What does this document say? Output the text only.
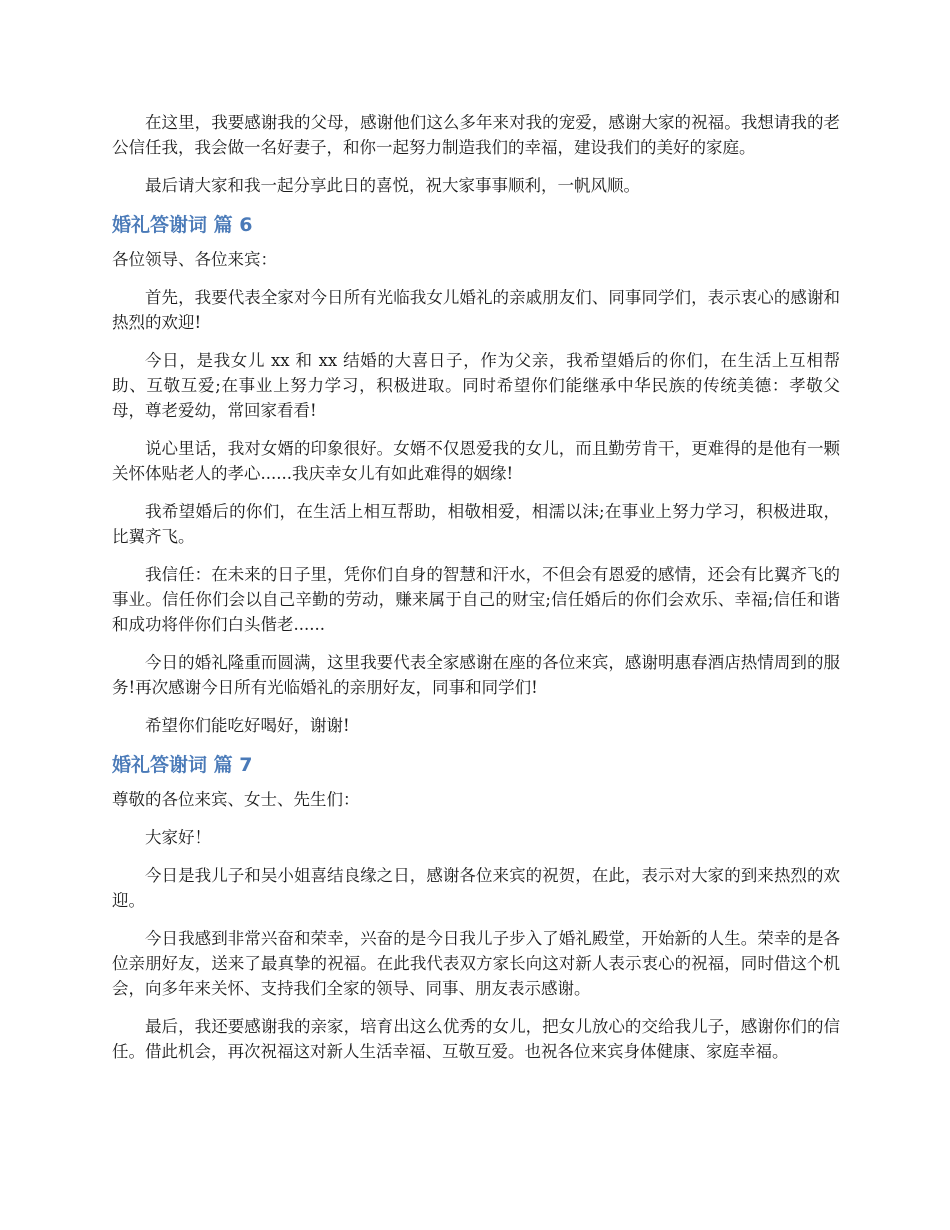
在这里，我要感谢我的父母，感谢他们这么多年来对我的宠爱，感谢大家的祝福。我想请我的老公信任我，我会做一名好妻子，和你一起努力制造我们的幸福，建设我们的美好的家庭。

最后请大家和我一起分享此日的喜悦，祝大家事事顺利，一帆风顺。

婚礼答谢词 篇 6

各位领导、各位来宾：

首先，我要代表全家对今日所有光临我女儿婚礼的亲戚朋友们、同事同学们，表示衷心的感谢和热烈的欢迎!

今日，是我女儿 xx 和 xx 结婚的大喜日子，作为父亲，我希望婚后的你们，在生活上互相帮助、互敬互爱;在事业上努力学习，积极进取。同时希望你们能继承中华民族的传统美德：孝敬父母，尊老爱幼，常回家看看!

说心里话，我对女婿的印象很好。女婿不仅恩爱我的女儿，而且勤劳肯干，更难得的是他有一颗关怀体贴老人的孝心......我庆幸女儿有如此难得的姻缘!

我希望婚后的你们，在生活上相互帮助，相敬相爱，相濡以沫;在事业上努力学习，积极进取，比翼齐飞。

我信任：在未来的日子里，凭你们自身的智慧和汗水，不但会有恩爱的感情，还会有比翼齐飞的事业。信任你们会以自己辛勤的劳动，赚来属于自己的财宝;信任婚后的你们会欢乐、幸福;信任和谐和成功将伴你们白头偕老......

今日的婚礼隆重而圆满，这里我要代表全家感谢在座的各位来宾，感谢明惠春酒店热情周到的服务!再次感谢今日所有光临婚礼的亲朋好友，同事和同学们!

希望你们能吃好喝好，谢谢!

婚礼答谢词 篇 7

尊敬的各位来宾、女士、先生们：

大家好！

今日是我儿子和吴小姐喜结良缘之日，感谢各位来宾的祝贺，在此，表示对大家的到来热烈的欢迎。

今日我感到非常兴奋和荣幸，兴奋的是今日我儿子步入了婚礼殿堂，开始新的人生。荣幸的是各位亲朋好友，送来了最真挚的祝福。在此我代表双方家长向这对新人表示衷心的祝福，同时借这个机会，向多年来关怀、支持我们全家的领导、同事、朋友表示感谢。

最后，我还要感谢我的亲家，培育出这么优秀的女儿，把女儿放心的交给我儿子，感谢你们的信任。借此机会，再次祝福这对新人生活幸福、互敬互爱。也祝各位来宾身体健康、家庭幸福。
